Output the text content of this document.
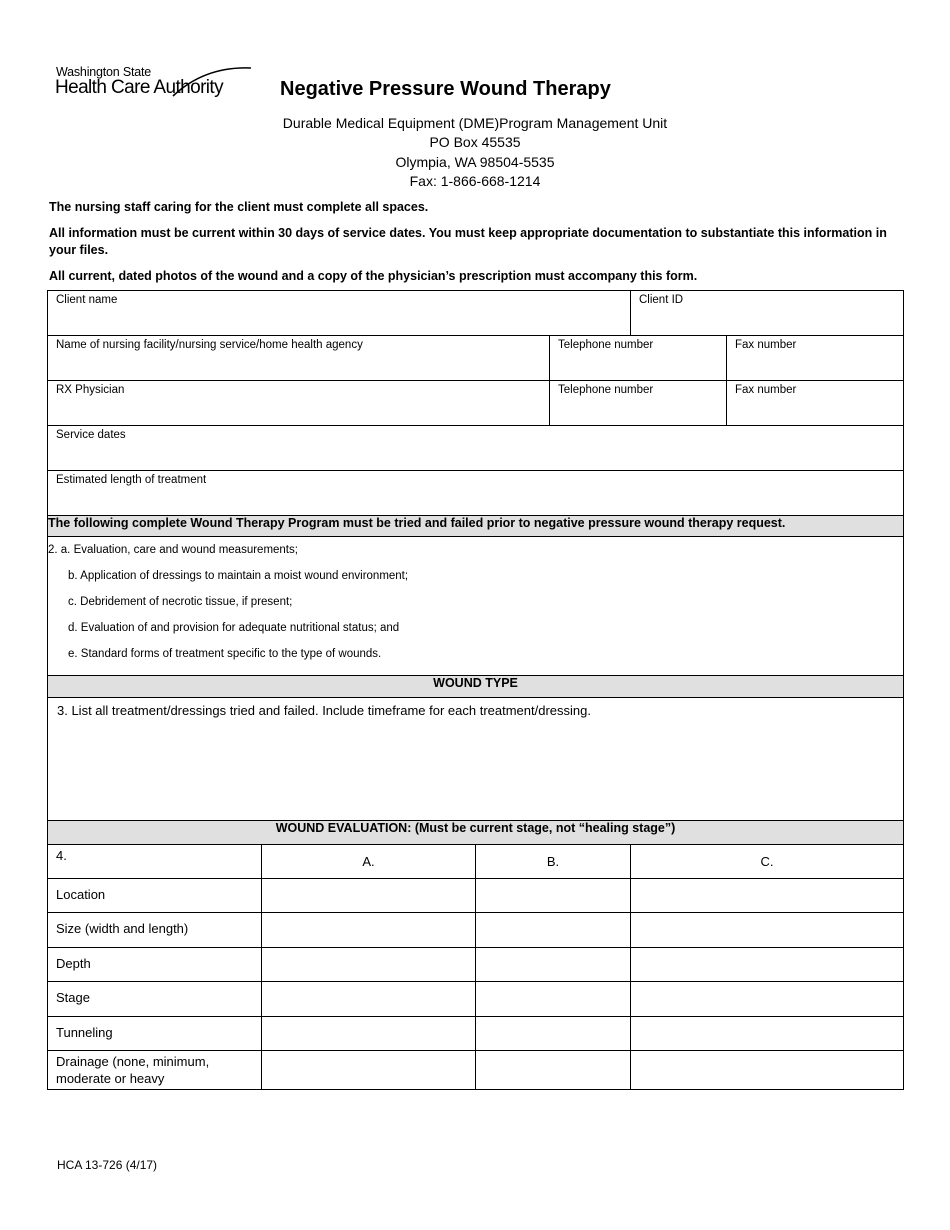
Washington State
Health Care Authority	Negative Pressure Wound Therapy
Durable Medical Equipment (DME)Program Management Unit
PO Box 45535
Olympia, WA 98504-5535
Fax: 1-866-668-1214
The nursing staff caring for the client must complete all spaces.
All information must be current within 30 days of service dates. You must keep appropriate documentation to substantiate this information in your files.
All current, dated photos of the wound and a copy of the physician’s prescription must accompany this form.
Client name				Client ID	

Name of nursing facility/nursing service/home health agency			Telephone number		Fax number

RX Physician			Telephone number		Fax number

Service dates					

Estimated length of treatment					

The following complete Wound Therapy Program must be tried and failed prior to negative pressure wound therapy request.					

2. a. Evaluation, care and wound measurements;
b. Application of dressings to maintain a moist wound environment;
c. Debridement of necrotic tissue, if present;
d. Evaluation of and provision for adequate nutritional status; and
e. Standard forms of treatment specific to the type of wounds.					

WOUND TYPE					

3. List all treatment/dressings tried and failed. Include timeframe for each treatment/dressing.					

WOUND EVALUATION: (Must be current stage, not “healing stage”)					
4.	A.	B.		C.	
Location					
Size (width and length)					
Depth					
Stage					
Tunneling					
Drainage (none, minimum, moderate or heavy					
HCA 13-726 (4/17)
